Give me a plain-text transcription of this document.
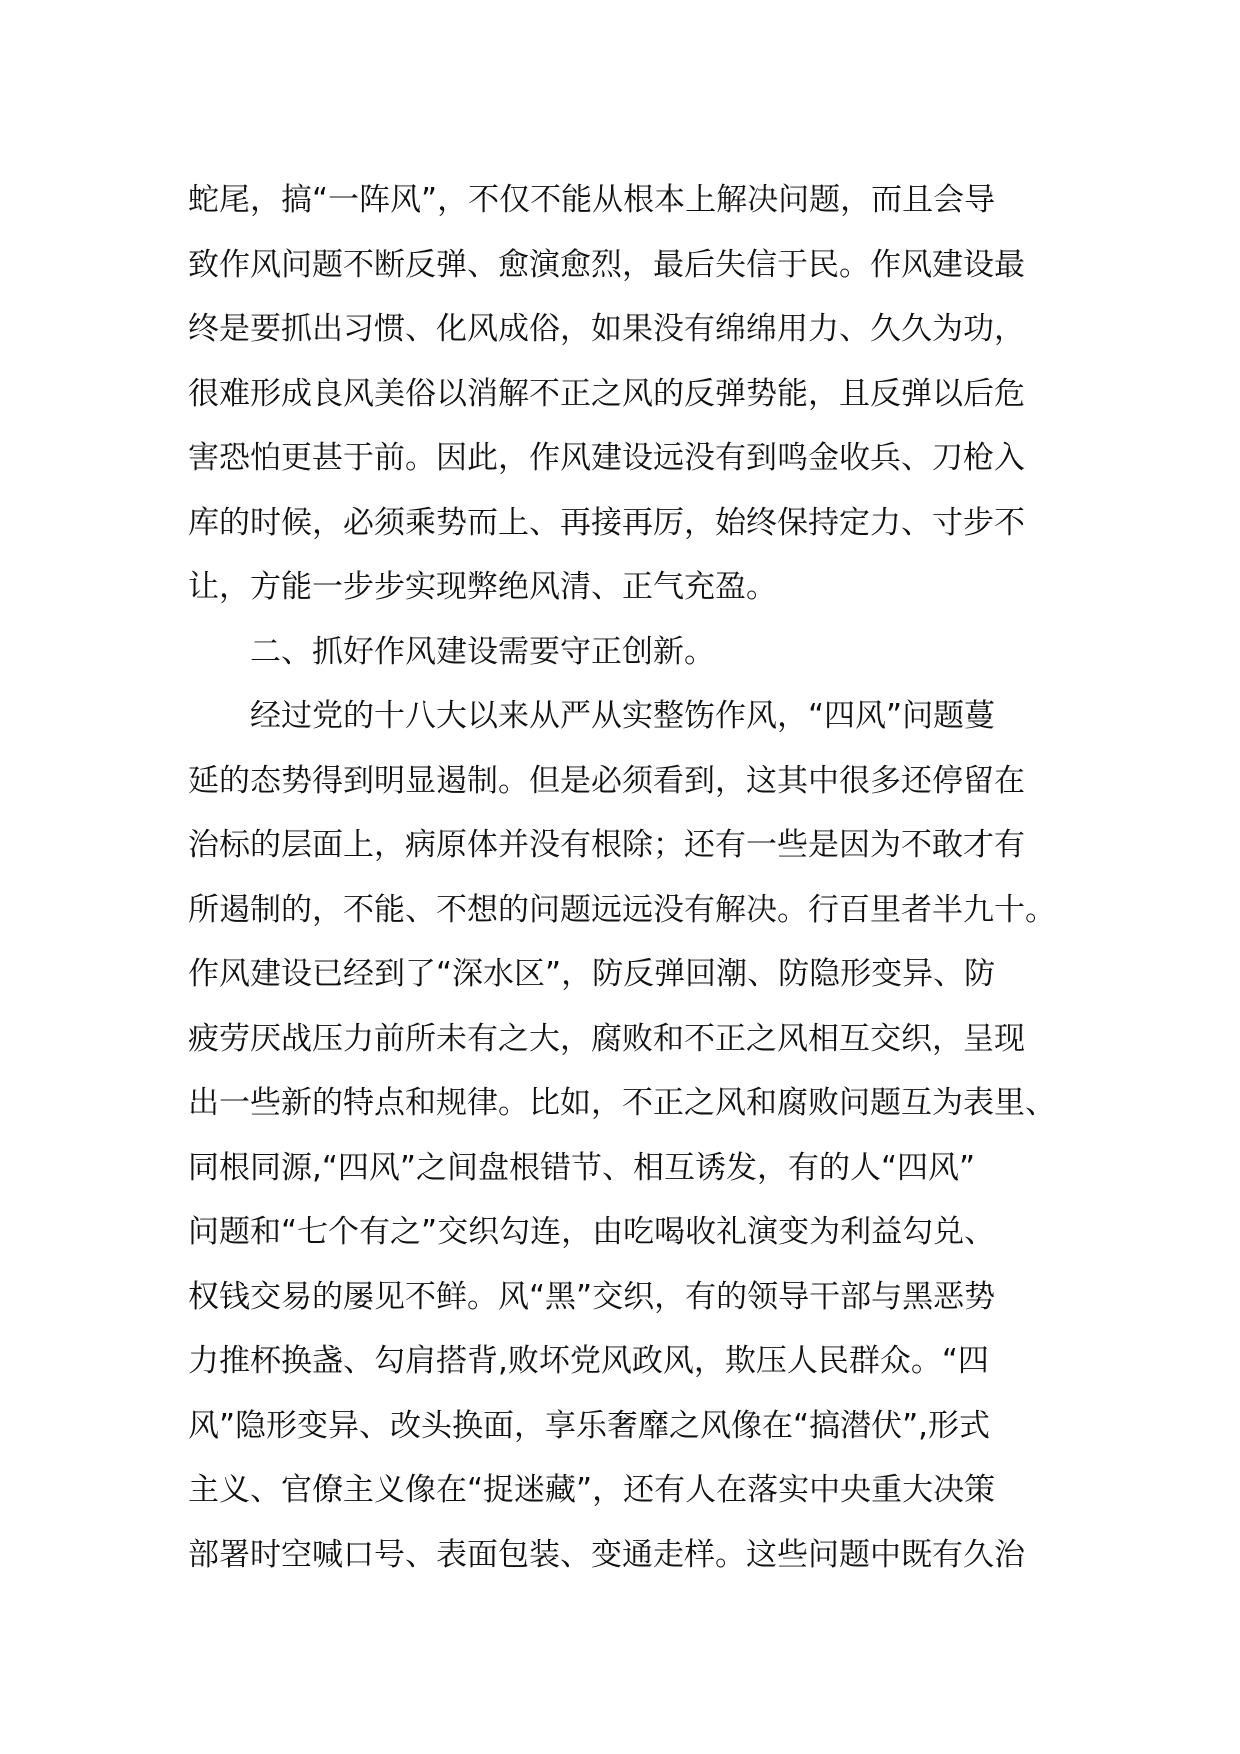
蛇尾，搞“一阵风”，不仅不能从根本上解决问题，而且会导
致作风问题不断反弹、愈演愈烈，最后失信于民。作风建设最
终是要抓出习惯、化风成俗，如果没有绵绵用力、久久为功，
很难形成良风美俗以消解不正之风的反弹势能，且反弹以后危
害恐怕更甚于前。因此，作风建设远没有到鸣金收兵、刀枪入
库的时候，必须乘势而上、再接再厉，始终保持定力、寸步不
让，方能一步步实现弊绝风清、正气充盈。
二、抓好作风建设需要守正创新。
经过党的十八大以来从严从实整饬作风，“四风”问题蔓
延的态势得到明显遏制。但是必须看到，这其中很多还停留在
治标的层面上，病原体并没有根除；还有一些是因为不敢才有
所遏制的，不能、不想的问题远远没有解决。行百里者半九十。
作风建设已经到了“深水区”，防反弹回潮、防隐形变异、防
疲劳厌战压力前所未有之大，腐败和不正之风相互交织，呈现
出一些新的特点和规律。比如，不正之风和腐败问题互为表里、
同根同源,“四风”之间盘根错节、相互诱发，有的人“四风”
问题和“七个有之”交织勾连，由吃喝收礼演变为利益勾兑、
权钱交易的屡见不鲜。风“黑”交织，有的领导干部与黑恶势
力推杯换盏、勾肩搭背,败坏党风政风，欺压人民群众。“四
风”隐形变异、改头换面，享乐奢靡之风像在“搞潜伏”,形式
主义、官僚主义像在“捉迷藏”，还有人在落实中央重大决策
部署时空喊口号、表面包装、变通走样。这些问题中既有久治
